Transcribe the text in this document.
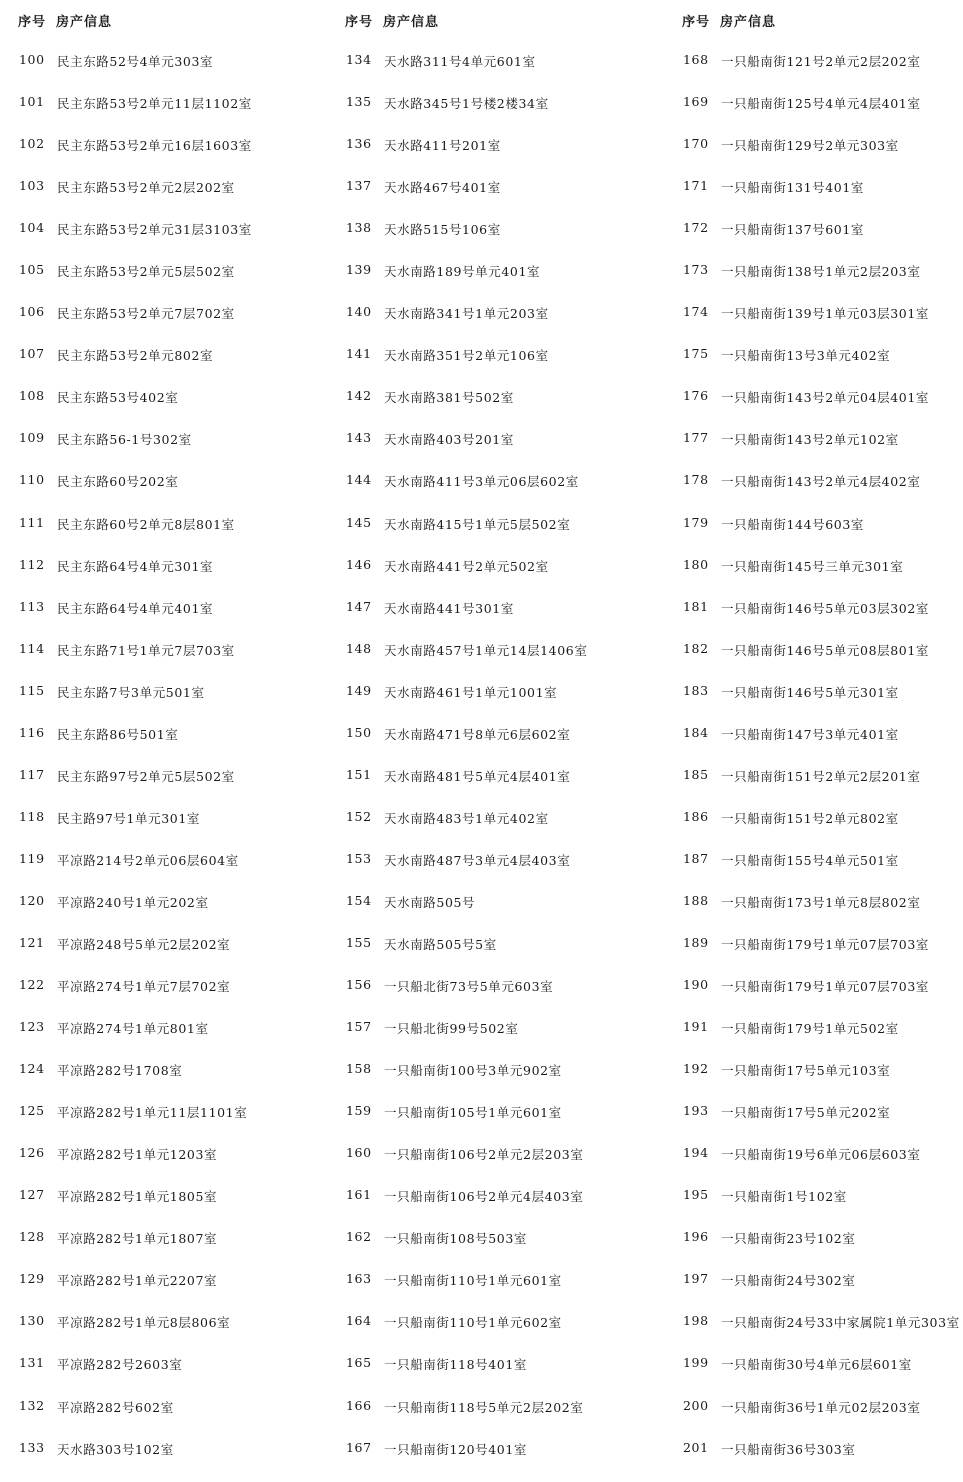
序号 房产信息
100 民主东路52号4单元303室
101 民主东路53号2单元11层1102室
102 民主东路53号2单元16层1603室
103 民主东路53号2单元2层202室
104 民主东路53号2单元31层3103室
105 民主东路53号2单元5层502室
106 民主东路53号2单元7层702室
107 民主东路53号2单元802室
108 民主东路53号402室
109 民主东路56-1号302室
110 民主东路60号202室
111 民主东路60号2单元8层801室
112 民主东路64号4单元301室
113 民主东路64号4单元401室
114 民主东路71号1单元7层703室
115 民主东路7号3单元501室
116 民主东路86号501室
117 民主东路97号2单元5层502室
118 民主路97号1单元301室
119 平凉路214号2单元06层604室
120 平凉路240号1单元202室
121 平凉路248号5单元2层202室
122 平凉路274号1单元7层702室
123 平凉路274号1单元801室
124 平凉路282号1708室
125 平凉路282号1单元11层1101室
126 平凉路282号1单元1203室
127 平凉路282号1单元1805室
128 平凉路282号1单元1807室
129 平凉路282号1单元2207室
130 平凉路282号1单元8层806室
131 平凉路282号2603室
132 平凉路282号602室
133 天水路303号102室
序号 房产信息
134 天水路311号4单元601室
135 天水路345号1号楼2楼34室
136 天水路411号201室
137 天水路467号401室
138 天水路515号106室
139 天水南路189号单元401室
140 天水南路341号1单元203室
141 天水南路351号2单元106室
142 天水南路381号502室
143 天水南路403号201室
144 天水南路411号3单元06层602室
145 天水南路415号1单元5层502室
146 天水南路441号2单元502室
147 天水南路441号301室
148 天水南路457号1单元14层1406室
149 天水南路461号1单元1001室
150 天水南路471号8单元6层602室
151 天水南路481号5单元4层401室
152 天水南路483号1单元402室
153 天水南路487号3单元4层403室
154 天水南路505号
155 天水南路505号5室
156 一只船北街73号5单元603室
157 一只船北街99号502室
158 一只船南街100号3单元902室
159 一只船南街105号1单元601室
160 一只船南街106号2单元2层203室
161 一只船南街106号2单元4层403室
162 一只船南街108号503室
163 一只船南街110号1单元601室
164 一只船南街110号1单元602室
165 一只船南街118号401室
166 一只船南街118号5单元2层202室
167 一只船南街120号401室
序号 房产信息
168 一只船南街121号2单元2层202室
169 一只船南街125号4单元4层401室
170 一只船南街129号2单元303室
171 一只船南街131号401室
172 一只船南街137号601室
173 一只船南街138号1单元2层203室
174 一只船南街139号1单元03层301室
175 一只船南街13号3单元402室
176 一只船南街143号2单元04层401室
177 一只船南街143号2单元102室
178 一只船南街143号2单元4层402室
179 一只船南街144号603室
180 一只船南街145号三单元301室
181 一只船南街146号5单元03层302室
182 一只船南街146号5单元08层801室
183 一只船南街146号5单元301室
184 一只船南街147号3单元401室
185 一只船南街151号2单元2层201室
186 一只船南街151号2单元802室
187 一只船南街155号4单元501室
188 一只船南街173号1单元8层802室
189 一只船南街179号1单元07层703室
190 一只船南街179号1单元07层703室
191 一只船南街179号1单元502室
192 一只船南街17号5单元103室
193 一只船南街17号5单元202室
194 一只船南街19号6单元06层603室
195 一只船南街1号102室
196 一只船南街23号102室
197 一只船南街24号302室
198 一只船南街24号33中家属院1单元303室
199 一只船南街30号4单元6层601室
200 一只船南街36号1单元02层203室
201 一只船南街36号303室
